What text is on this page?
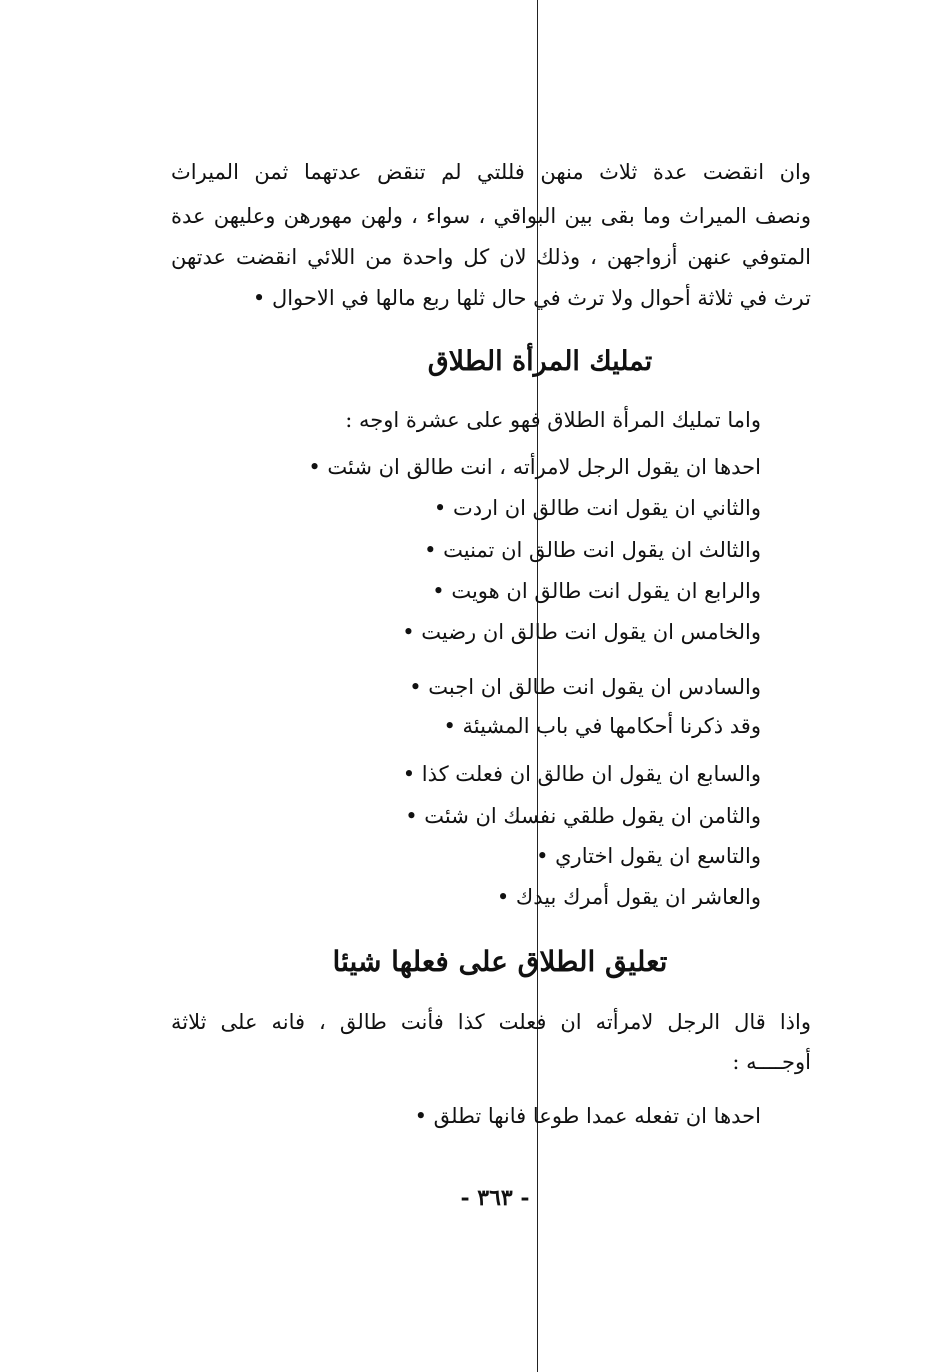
وان انقضت عدة ثلاث منهن فللتي لم تنقض عدتهما ثمن الميراث
ونصف الميراث وما بقى بين البواقي ، سواء ، ولهن مهورهن وعليهن عدة
المتوفي عنهن أزواجهن ، وذلك لان كل واحدة من اللائي انقضت عدتهن
ترث في ثلاثة أحوال ولا ترث في حال ثلها ربع مالها في الاحوال •
تمليك المرأة الطلاق
واما تمليك المرأة الطلاق فهو على عشرة اوجه :
احدها ان يقول الرجل لامرأته ، انت طالق ان شئت •
والثاني ان يقول انت طالق ان اردت •
والثالث ان يقول انت طالق ان تمنيت •
والرابع ان يقول انت طالق ان هويت •
والخامس ان يقول انت طالق ان رضيت •
والسادس ان يقول انت طالق ان اجبت •
وقد ذكرنا أحكامها في باب المشيئة •
والسابع ان يقول ان طالق ان فعلت كذا •
والثامن ان يقول طلقي نفسك ان شئت •
والتاسع ان يقول اختاري •
والعاشر ان يقول أمرك بيدك •
تعليق الطلاق على فعلها شيئا
واذا قال الرجل لامرأته ان فعلت كذا فأنت طالق ، فانه على ثلاثة
أوجــــه :
احدها ان تفعله عمدا طوعا فانها تطلق •
- ٣٦٣ -
